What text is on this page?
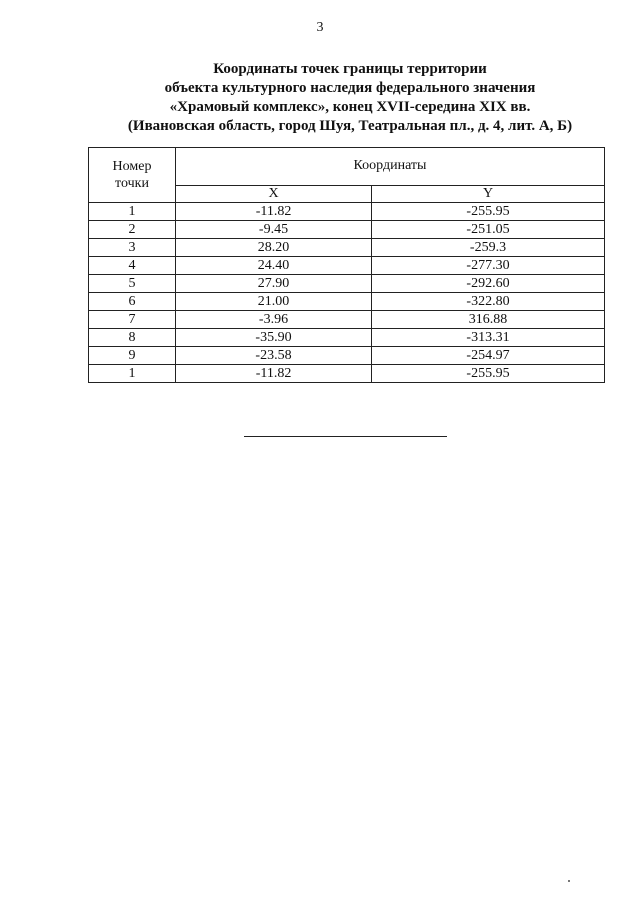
3
Координаты точек границы территории
объекта культурного наследия федерального значения
«Храмовый комплекс», конец XVII-середина XIX вв.
(Ивановская область, город Шуя, Театральная пл., д. 4, лит. А, Б)
Номер
точки	Координаты	
	X	Y
1	-11.82	-255.95
2	-9.45	-251.05
3	28.20	-259.3
4	24.40	-277.30
5	27.90	-292.60
6	21.00	-322.80
7	-3.96	316.88
8	-35.90	-313.31
9	-23.58	-254.97
1	-11.82	-255.95
